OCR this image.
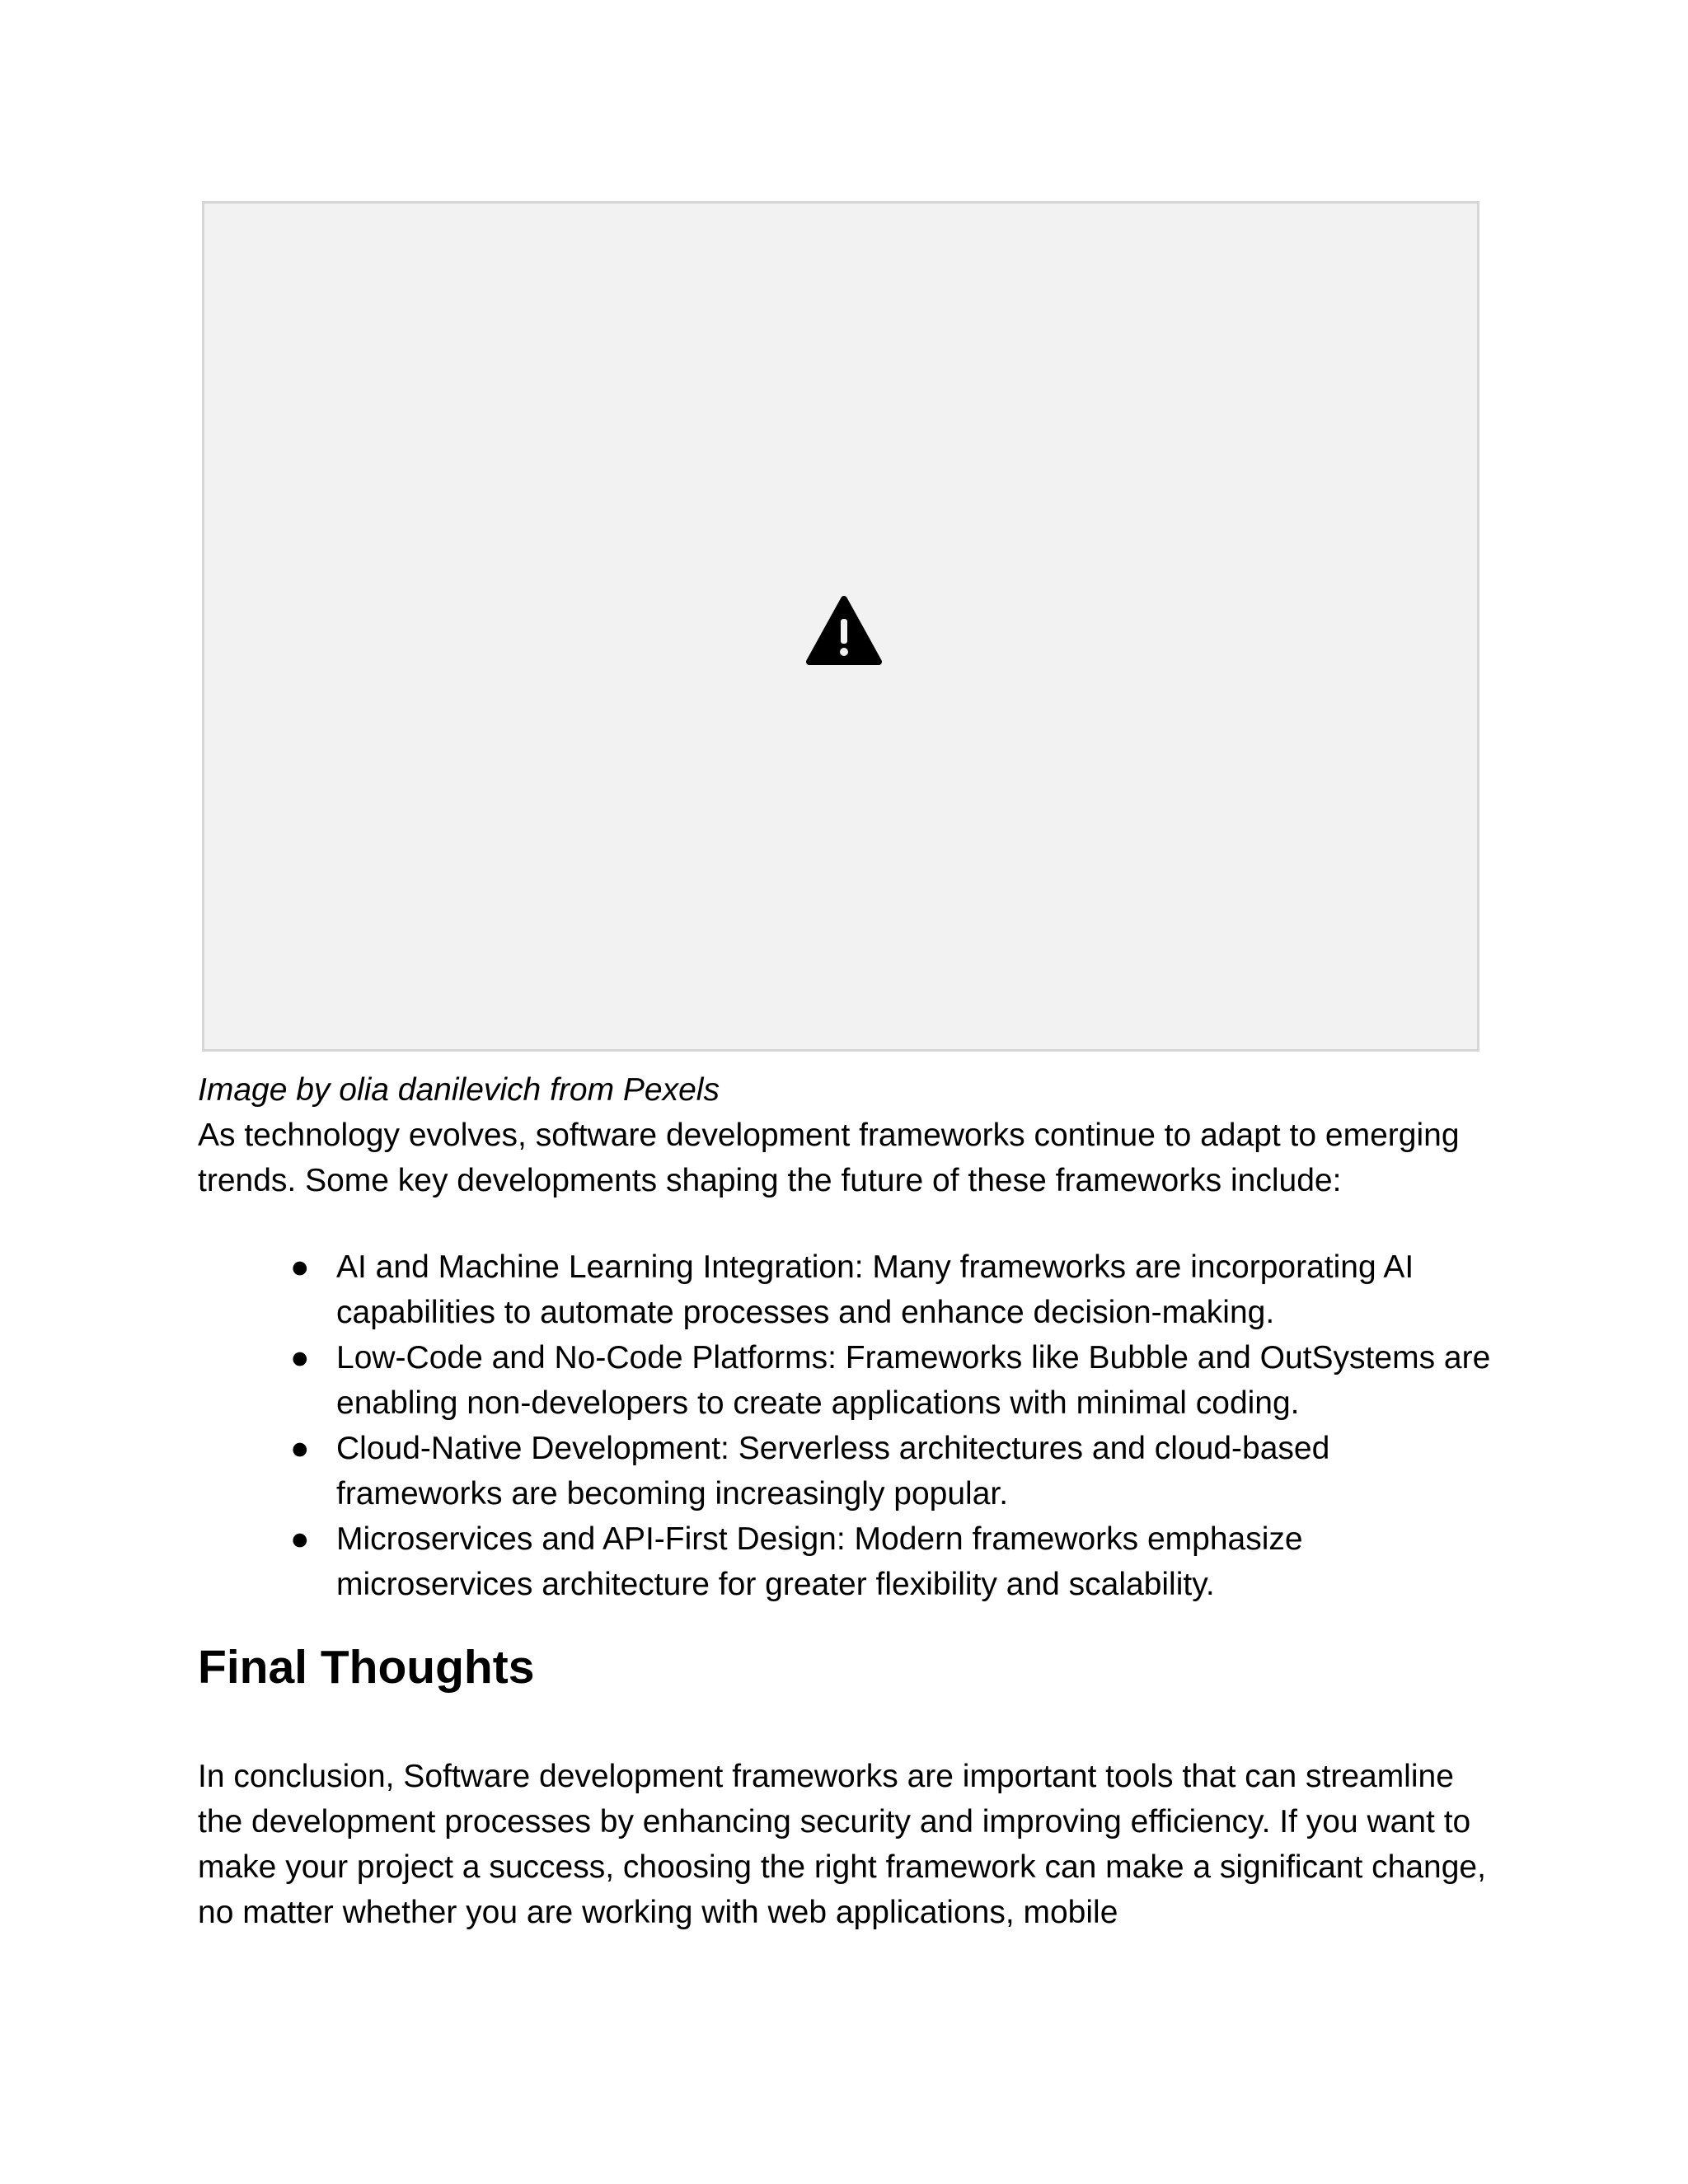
Image by olia danilevich from Pexels

As technology evolves, software development frameworks continue to adapt to emerging trends. Some key developments shaping the future of these frameworks include:

● AI and Machine Learning Integration: Many frameworks are incorporating AI capabilities to automate processes and enhance decision-making.
● Low-Code and No-Code Platforms: Frameworks like Bubble and OutSystems are enabling non-developers to create applications with minimal coding.
● Cloud-Native Development: Serverless architectures and cloud-based frameworks are becoming increasingly popular.
● Microservices and API-First Design: Modern frameworks emphasize microservices architecture for greater flexibility and scalability.
Final Thoughts

In conclusion, Software development frameworks are important tools that can streamline the development processes by enhancing security and improving efficiency. If you want to make your project a success, choosing the right framework can make a significant change, no matter whether you are working with web applications, mobile
